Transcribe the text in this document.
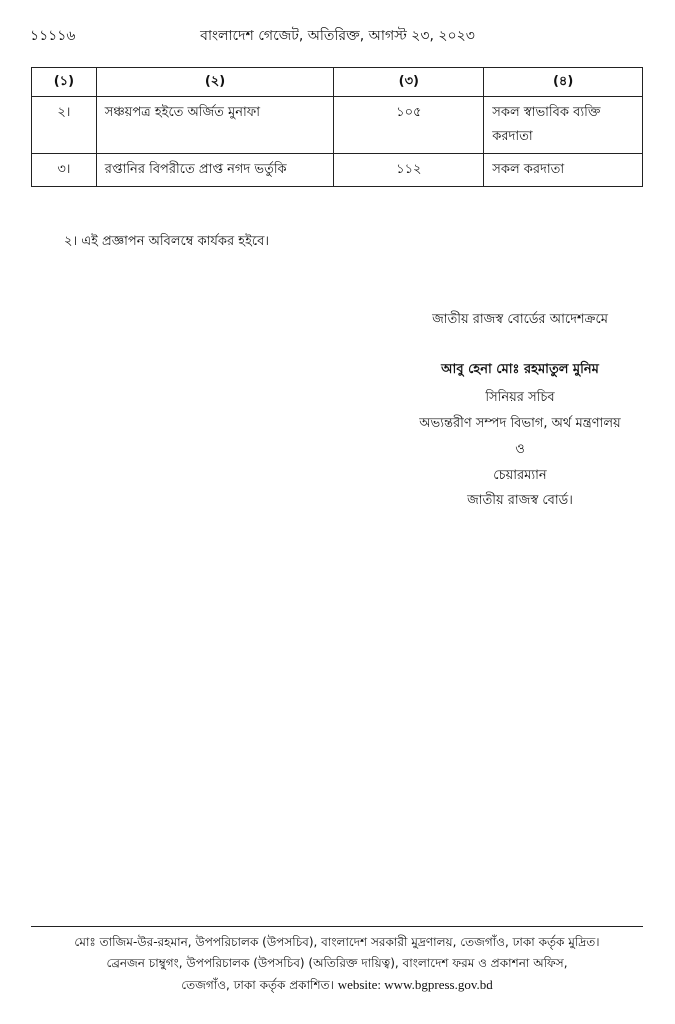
১১১১৬	বাংলাদেশ গেজেট, অতিরিক্ত, আগস্ট ২৩, ২০২৩
(১)	(২)	(৩)	(৪)
২।	সঞ্চয়পত্র হইতে অর্জিত মুনাফা	১০৫	সকল স্বাভাবিক ব্যক্তি করদাতা
৩।	রপ্তানির বিপরীতে প্রাপ্ত নগদ ভর্তুকি	১১২	সকল করদাতা
২। এই প্রজ্ঞাপন অবিলম্বে কার্যকর হইবে।
জাতীয় রাজস্ব বোর্ডের আদেশক্রমে
আবু হেনা মোঃ রহমাতুল মুনিম
সিনিয়র সচিব
অভ্যন্তরীণ সম্পদ বিভাগ, অর্থ মন্ত্রণালয়
ও
চেয়ারম্যান
জাতীয় রাজস্ব বোর্ড।
মোঃ তাজিম-উর-রহমান, উপপরিচালক (উপসচিব), বাংলাদেশ সরকারী মুদ্রণালয়, তেজগাঁও, ঢাকা কর্তৃক মুদ্রিত।
ব্রেনজন চাম্বুগং, উপপরিচালক (উপসচিব) (অতিরিক্ত দায়িত্ব), বাংলাদেশ ফরম ও প্রকাশনা অফিস,
তেজগাঁও, ঢাকা কর্তৃক প্রকাশিত। website: www.bgpress.gov.bd
